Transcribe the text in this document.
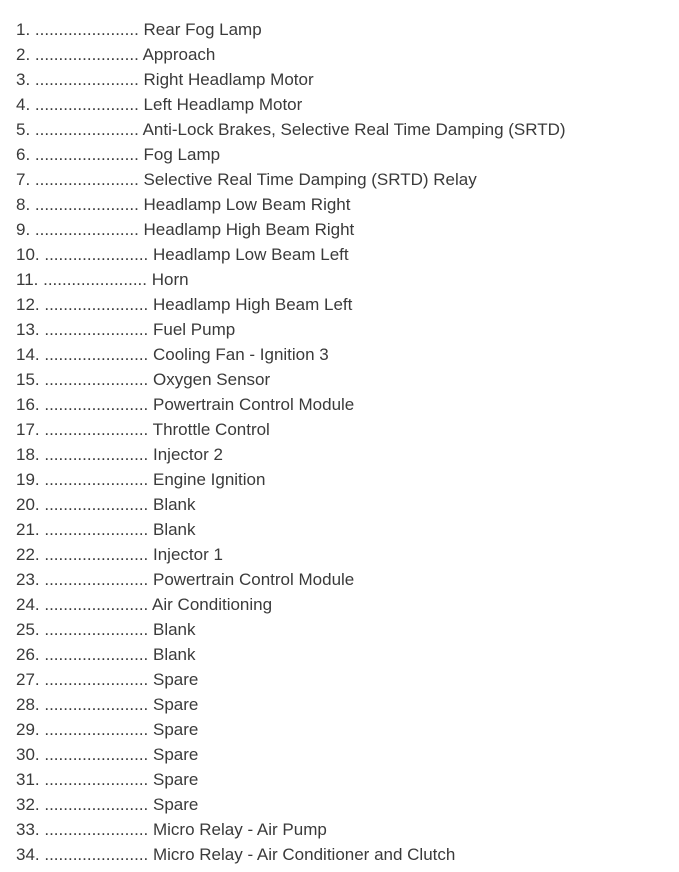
1. ...................... Rear Fog Lamp
2. ...................... Approach
3. ...................... Right Headlamp Motor
4. ...................... Left Headlamp Motor
5. ...................... Anti-Lock Brakes, Selective Real Time Damping (SRTD)
6. ...................... Fog Lamp
7. ...................... Selective Real Time Damping (SRTD) Relay
8. ...................... Headlamp Low Beam Right
9. ...................... Headlamp High Beam Right
10. ...................... Headlamp Low Beam Left
11. ...................... Horn
12. ...................... Headlamp High Beam Left
13. ...................... Fuel Pump
14. ...................... Cooling Fan - Ignition 3
15. ...................... Oxygen Sensor
16. ...................... Powertrain Control Module
17. ...................... Throttle Control
18. ...................... Injector 2
19. ...................... Engine Ignition
20. ...................... Blank
21. ...................... Blank
22. ...................... Injector 1
23. ...................... Powertrain Control Module
24. ...................... Air Conditioning
25. ...................... Blank
26. ...................... Blank
27. ...................... Spare
28. ...................... Spare
29. ...................... Spare
30. ...................... Spare
31. ...................... Spare
32. ...................... Spare
33. ...................... Micro Relay - Air Pump
34. ...................... Micro Relay - Air Conditioner and Clutch
